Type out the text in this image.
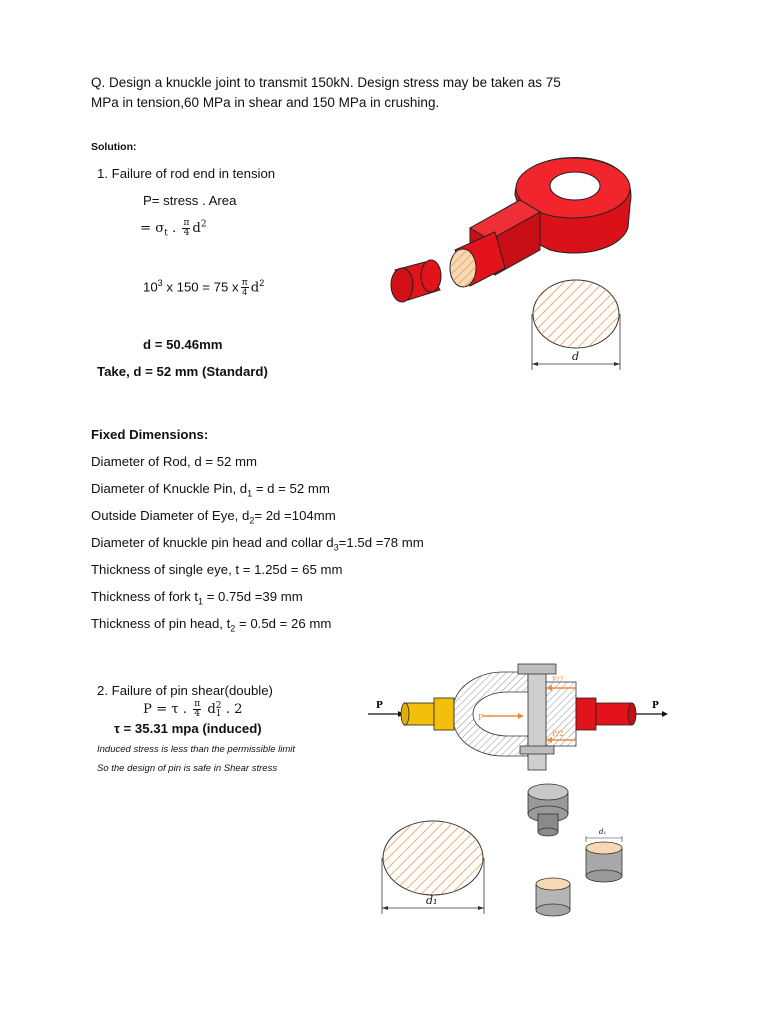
Q. Design a knuckle joint to transmit 150kN. Design stress may be taken as 75
MPa in tension,60 MPa in shear and 150 MPa in crushing.
Solution:
1. Failure of rod end in tension
P= stress . Area
= $\sigma_t$ . $\frac{\pi}{4} d^2$
$10^3$ x 150 = 75 x $\frac{\pi}{4} d^2$
d = 50.46mm
Take, d = 52 mm (Standard)
Fixed Dimensions:
Diameter of Rod, d = 52 mm
Diameter of Knuckle Pin, $d_1 = d = 52$ mm
Outside Diameter of Eye, $d_2= 2d =104mm$
Diameter of knuckle pin head and collar $d_3=1.5d =78$ mm
Thickness of single eye, t = 1.25d = 65 mm
Thickness of fork $t_1 = 0.75d =39$ mm
Thickness of pin head, $t_2 = 0.5d = 26$ mm
2. Failure of pin shear(double)
P = τ . $\frac{\pi}{4}$ d 2
1 . 2
τ = 35.31 mpa (induced)
Induced stress is less than the permissible limit
So the design of pin is safe in Shear stress
d
P
P
P/2
P/2
P
d₁
d₁
